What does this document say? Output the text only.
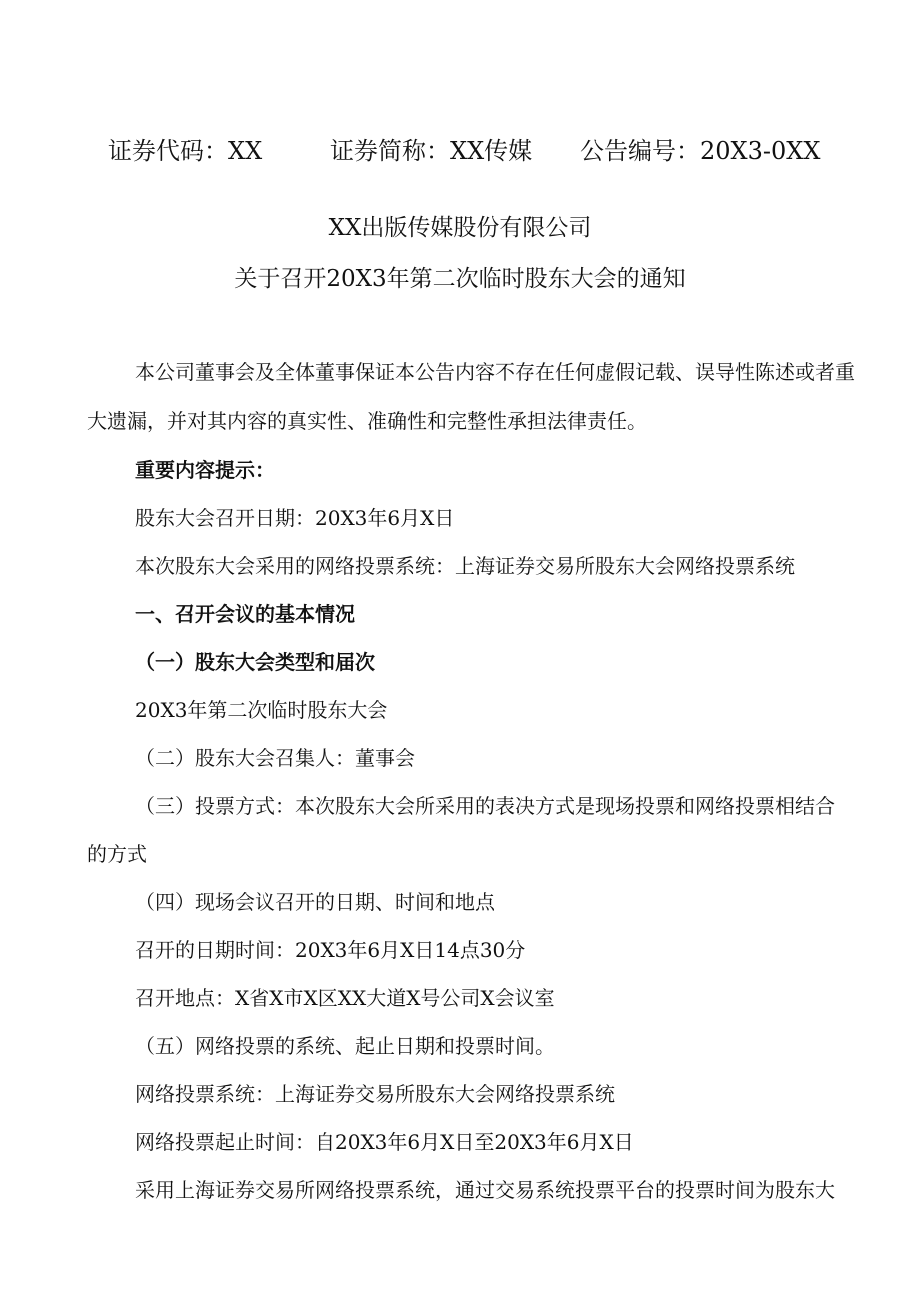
证券代码：XX	证券简称：XX传媒 公告编号：20X3-0XX
XX出版传媒股份有限公司
关于召开20X3年第二次临时股东大会的通知
本公司董事会及全体董事保证本公告内容不存在任何虚假记载、误导性陈述或者重
大遗漏，并对其内容的真实性、准确性和完整性承担法律责任。
重要内容提示：
股东大会召开日期：20X3年6月X日
本次股东大会采用的网络投票系统：上海证券交易所股东大会网络投票系统
一、召开会议的基本情况
（一）股东大会类型和届次
20X3年第二次临时股东大会
（二）股东大会召集人：董事会
（三）投票方式：本次股东大会所采用的表决方式是现场投票和网络投票相结合
的方式
（四）现场会议召开的日期、时间和地点
召开的日期时间：20X3年6月X日14点30分
召开地点：X省X市X区XX大道X号公司X会议室
（五）网络投票的系统、起止日期和投票时间。
网络投票系统：上海证券交易所股东大会网络投票系统
网络投票起止时间：自20X3年6月X日至20X3年6月X日
采用上海证券交易所网络投票系统，通过交易系统投票平台的投票时间为股东大
